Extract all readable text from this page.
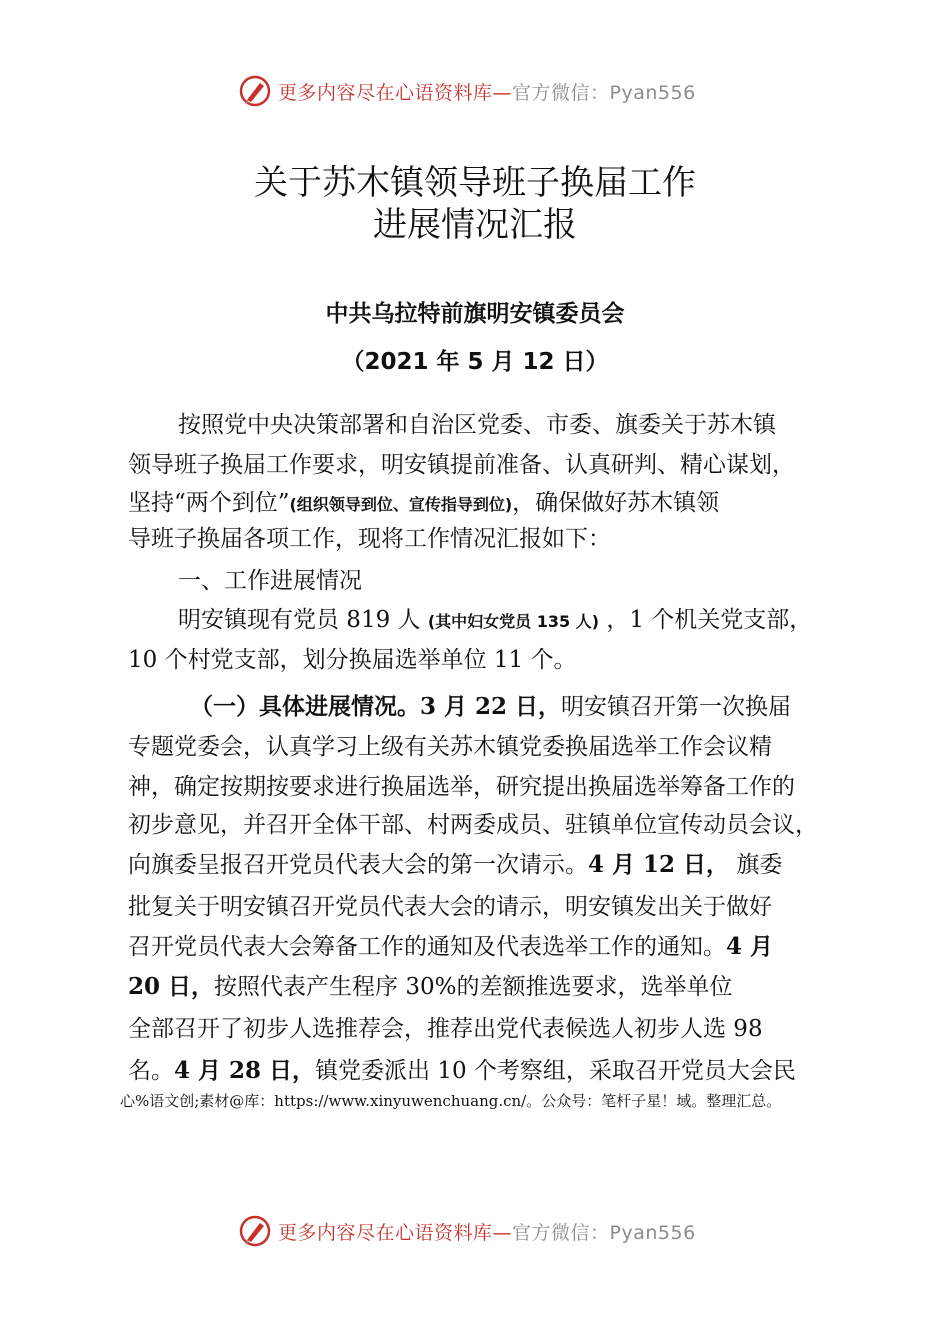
更多内容尽在心语资料库—官方微信：Pyan556
关于苏木镇领导班子换届工作
进展情况汇报
中共乌拉特前旗明安镇委员会
（2021 年 5 月 12 日）
按照党中央决策部署和自治区党委、市委、旗委关于苏木镇
领导班子换届工作要求，明安镇提前准备、认真研判、精心谋划，
坚持“两个到位”(组织领导到位、宣传指导到位)，确保做好苏木镇领
导班子换届各项工作，现将工作情况汇报如下：
一、工作进展情况
明安镇现有党员 819 人 (其中妇女党员 135 人) ，1 个机关党支部，
10 个村党支部，划分换届选举单位 11 个。
（一）具体进展情况。3 月 22 日，明安镇召开第一次换届
专题党委会，认真学习上级有关苏木镇党委换届选举工作会议精
神，确定按期按要求进行换届选举，研究提出换届选举筹备工作的
初步意见，并召开全体干部、村两委成员、驻镇单位宣传动员会议，
向旗委呈报召开党员代表大会的第一次请示。4 月 12 日， 旗委
批复关于明安镇召开党员代表大会的请示，明安镇发出关于做好
召开党员代表大会筹备工作的通知及代表选举工作的通知。4 月
20 日，按照代表产生程序 30%的差额推选要求，选举单位
全部召开了初步人选推荐会，推荐出党代表候选人初步人选 98
名。4 月 28 日，镇党委派出 10 个考察组，采取召开党员大会民
心%语文创;素材@库：https://www.xinyuwenchuang.cn/。公众号：笔杆子星！域。整理汇总。
更多内容尽在心语资料库—官方微信：Pyan556
